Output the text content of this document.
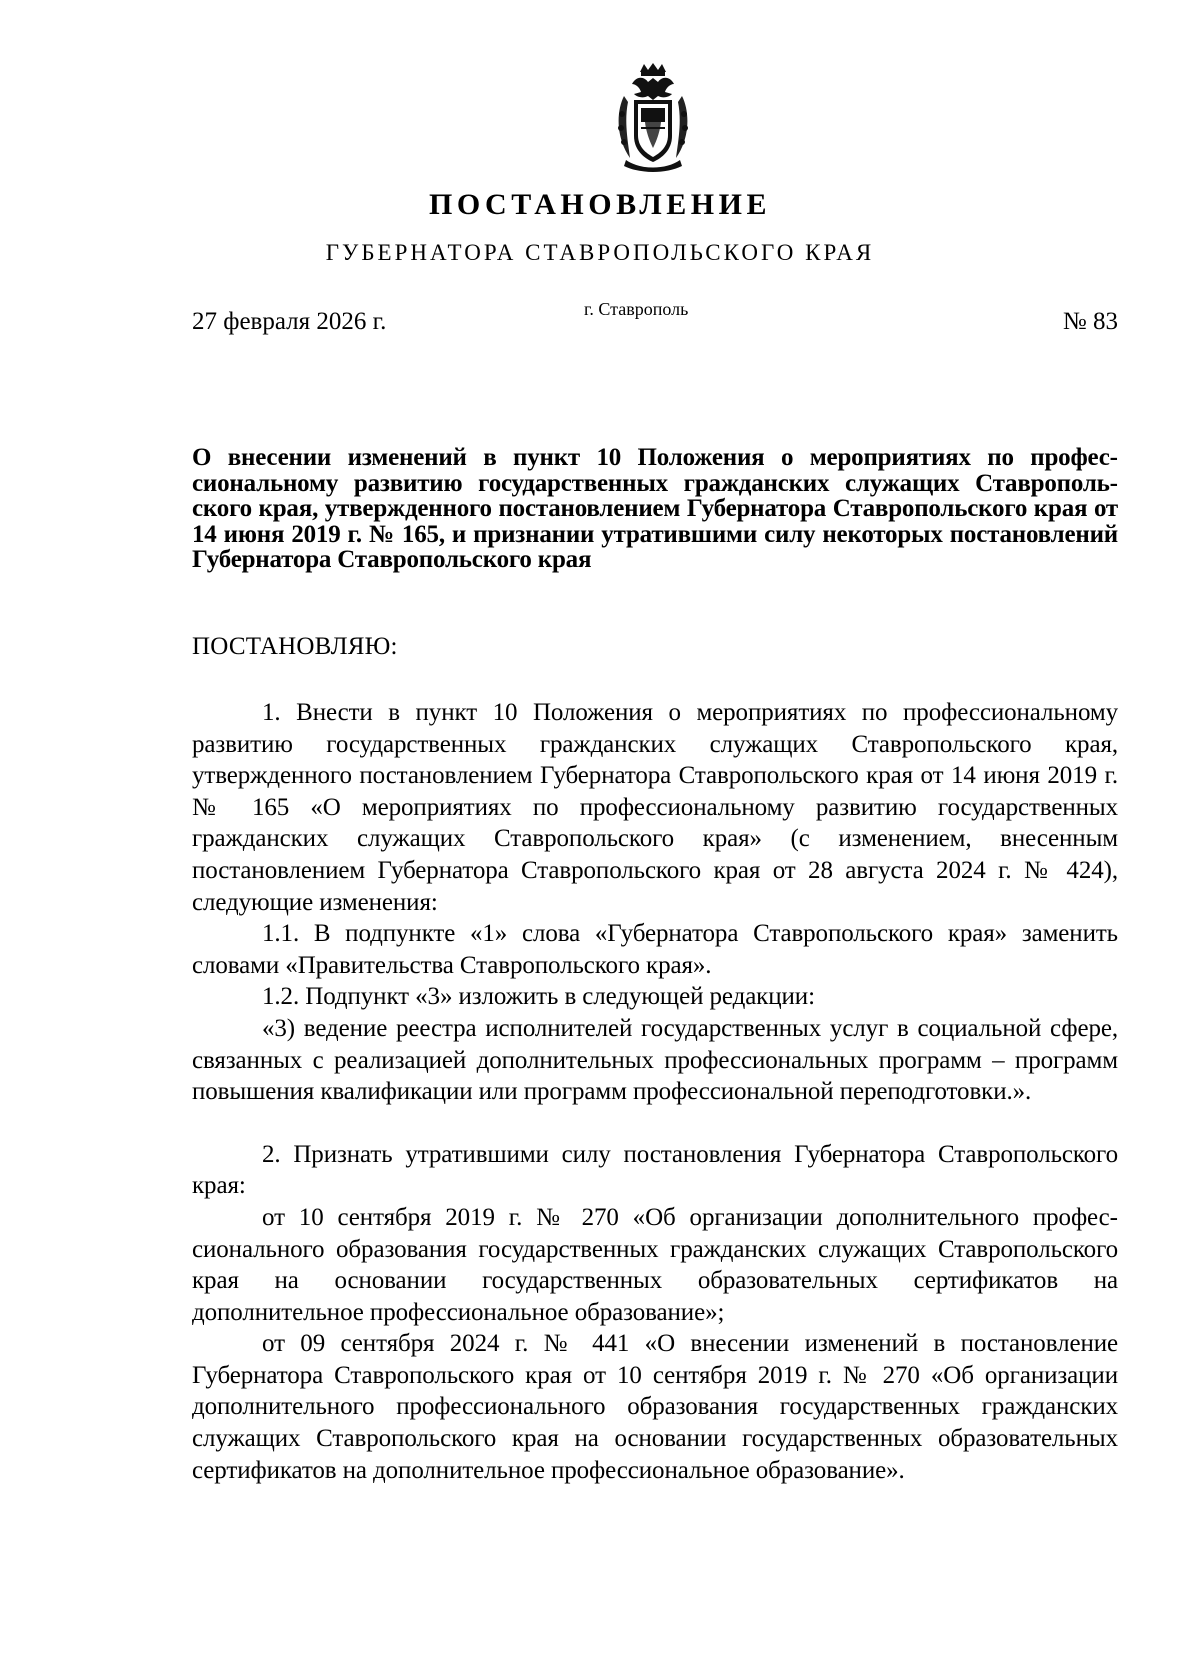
ПОСТАНОВЛЕНИЕ
ГУБЕРНАТОРА СТАВРОПОЛЬСКОГО КРАЯ
27 февраля 2026 г.	г. Ставрополь	№ 83
О внесении изменений в пункт 10 Положения о мероприятиях по профессиональному развитию государственных гражданских служащих Ставропольского края, утвержденного постановлением Губернатора Ставропольского края от 14 июня 2019 г. № 165, и признании утратившими силу некоторых постановлений Губернатора Ставропольского края
ПОСТАНОВЛЯЮ:

1. Внести в пункт 10 Положения о мероприятиях по профессиональному развитию государственных гражданских служащих Ставропольского края, утвержденного постановлением Губернатора Ставропольского края от 14 июня 2019 г. № 165 «О мероприятиях по профессиональному развитию государственных гражданских служащих Ставропольского края» (с изменением, внесенным постановлением Губернатора Ставропольского края от 28 августа 2024 г. № 424), следующие изменения:

1.1. В подпункте «1» слова «Губернатора Ставропольского края» заменить словами «Правительства Ставропольского края».

1.2. Подпункт «3» изложить в следующей редакции:

«3) ведение реестра исполнителей государственных услуг в социальной сфере, связанных с реализацией дополнительных профессиональных программ – программ повышения квалификации или программ профессиональной переподготовки.».

2. Признать утратившими силу постановления Губернатора Ставропольского края:

от 10 сентября 2019 г. № 270 «Об организации дополнительного профессионального образования государственных гражданских служащих Ставропольского края на основании государственных образовательных сертификатов на дополнительное профессиональное образование»;

от 09 сентября 2024 г. № 441 «О внесении изменений в постановление Губернатора Ставропольского края от 10 сентября 2019 г. № 270 «Об организации дополнительного профессионального образования государственных гражданских служащих Ставропольского края на основании государственных образовательных сертификатов на дополнительное профессиональное образование».
